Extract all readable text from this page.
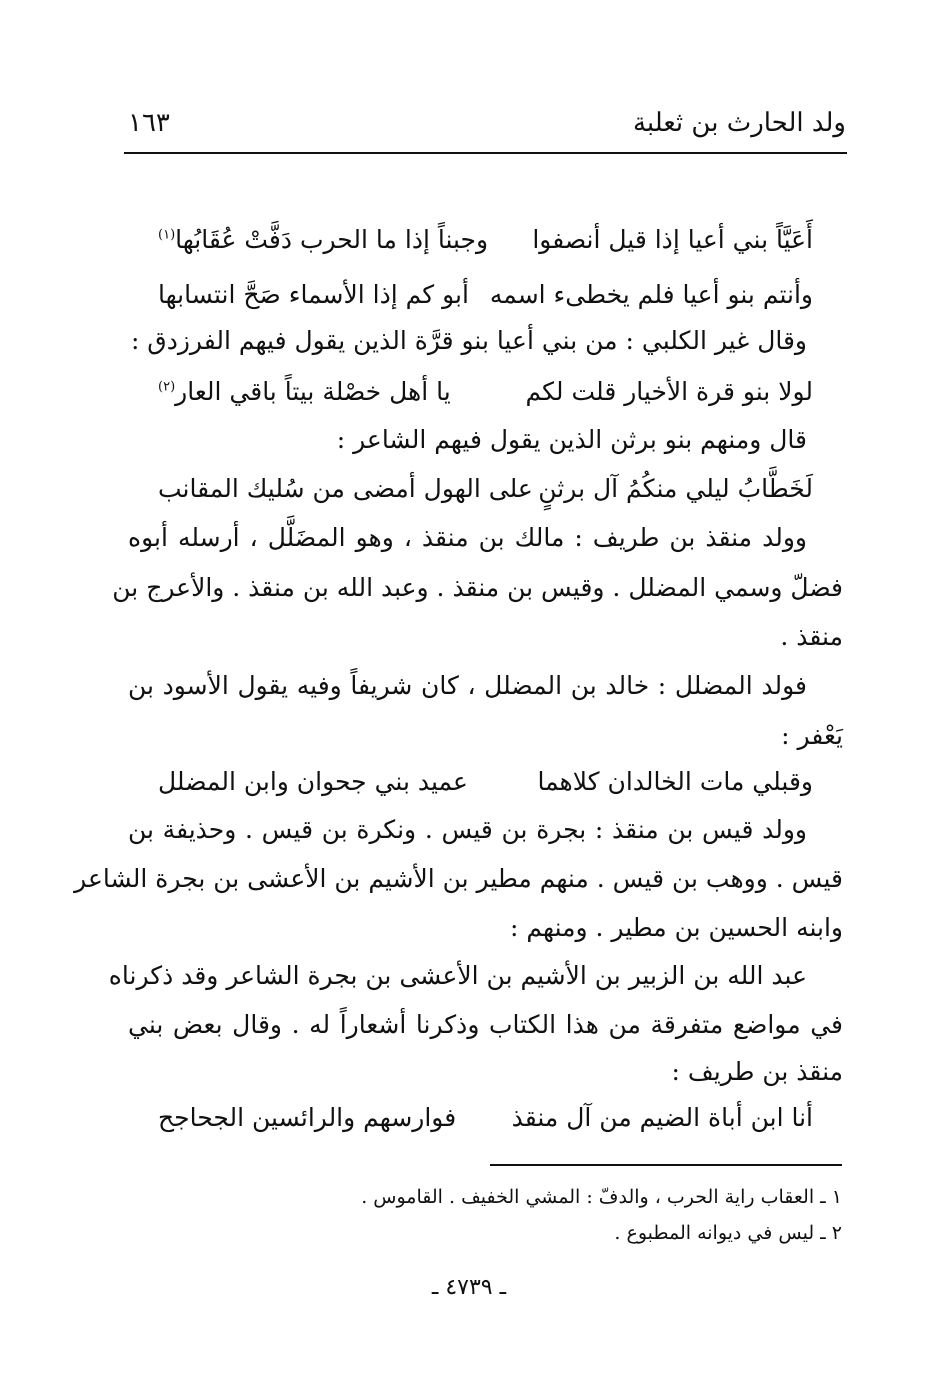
ولد الحارث بن ثعلبة
١٦٣
أَعَيَّاً بني أعيا إذا قيل أنصفوا
وجبناً إذا ما الحرب دَفَّتْ عُقَابُها$^{(١)}$
وأنتم بنو أعيا فلم يخطىء اسمه
أبو كم إذا الأسماء صَحَّ انتسابها
وقال غير الكلبي : من بني أعيا بنو قرَّة الذين يقول فيهم الفرزدق :
لولا بنو قرة الأخيار قلت لكم
يا أهل خصْلة بيتاً باقي العار$^{(٢)}$
قال ومنهم بنو برثن الذين يقول فيهم الشاعر :
لَخَطَّابُ ليلي منكُمُ آل برثنٍ
على الهول أمضى من سُليك المقانب
وولد منقذ بن طريف : مالك بن منقذ ، وهو المضَلَّل ، أرسله أبوه
فضلّ وسمي المضلل . وقيس بن منقذ . وعبد الله بن منقذ . والأعرج بن
منقذ .
فولد المضلل : خالد بن المضلل ، كان شريفاً وفيه يقول الأسود بن
يَعْفر :
وقبلي مات الخالدان كلاهما
عميد بني جحوان وابن المضلل
وولد قيس بن منقذ : بجرة بن قيس . ونكرة بن قيس . وحذيفة بن
قيس . ووهب بن قيس . منهم مطير بن الأشيم بن الأعشى بن بجرة الشاعر
وابنه الحسين بن مطير . ومنهم :
عبد الله بن الزبير بن الأشيم بن الأعشى بن بجرة الشاعر وقد ذكرناه
في مواضع متفرقة من هذا الكتاب وذكرنا أشعاراً له . وقال بعض بني
منقذ بن طريف :
أنا ابن أباة الضيم من آل منقذ
فوارسهم والرائسين الجحاجح
١ ـ العقاب راية الحرب ، والدفّ : المشي الخفيف . القاموس .
٢ ـ ليس في ديوانه المطبوع .
ـ ٤٧٣٩ ـ
